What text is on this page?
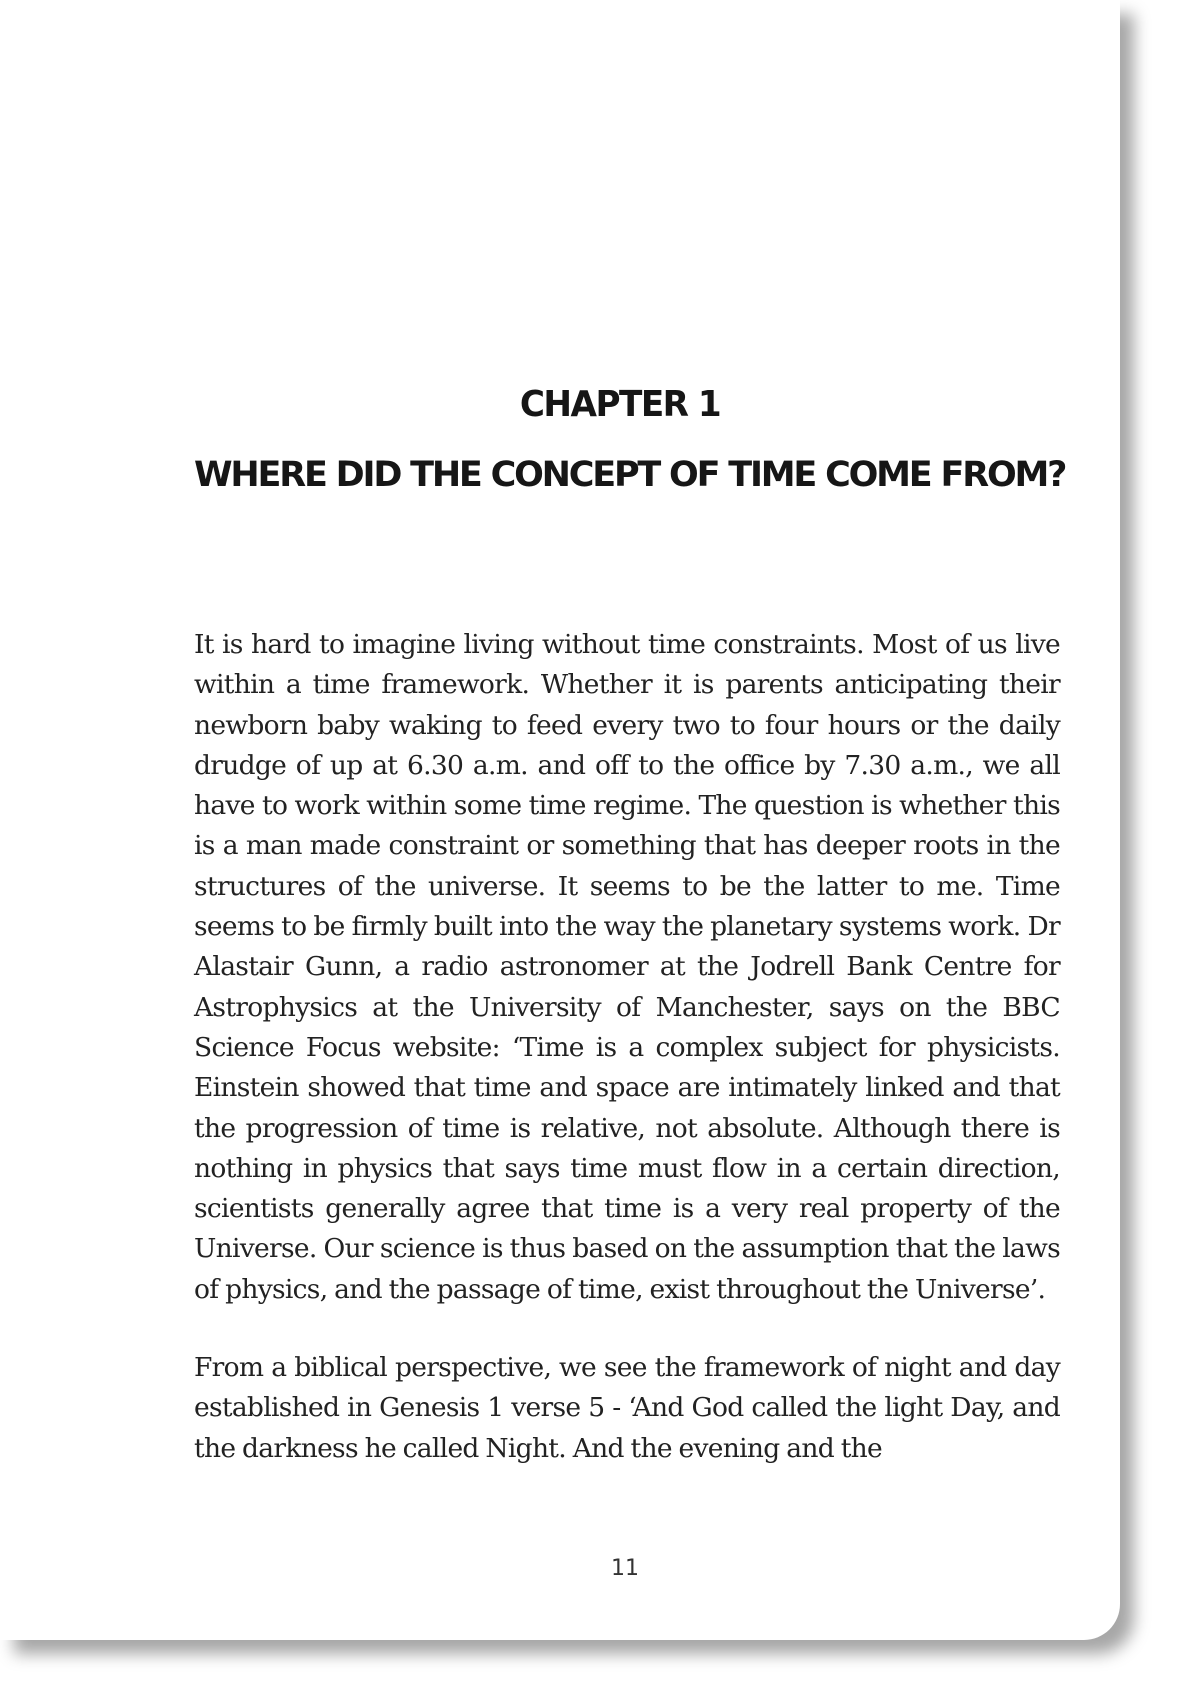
CHAPTER 1
WHERE DID THE CONCEPT OF TIME COME FROM?

It is hard to imagine living without time constraints. Most of us live within a time framework. Whether it is parents anticipating their newborn baby waking to feed every two to four hours or the daily drudge of up at 6.30 a.m. and off to the office by 7.30 a.m., we all have to work within some time regime. The question is whether this is a man made constraint or something that has deeper roots in the structures of the universe. It seems to be the latter to me. Time seems to be firmly built into the way the planetary systems work. Dr Alastair Gunn, a radio astronomer at the Jodrell Bank Centre for Astrophysics at the University of Manchester, says on the BBC Science Focus website: ‘Time is a complex subject for physicists. Einstein showed that time and space are intimately linked and that the progression of time is relative, not absolute. Although there is nothing in physics that says time must flow in a certain direction, scientists generally agree that time is a very real property of the Universe. Our science is thus based on the assumption that the laws of physics, and the passage of time, exist throughout the Universe’.

From a biblical perspective, we see the framework of night and day established in Genesis 1 verse 5 - ‘And God called the light Day, and the darkness he called Night. And the evening and the

11
